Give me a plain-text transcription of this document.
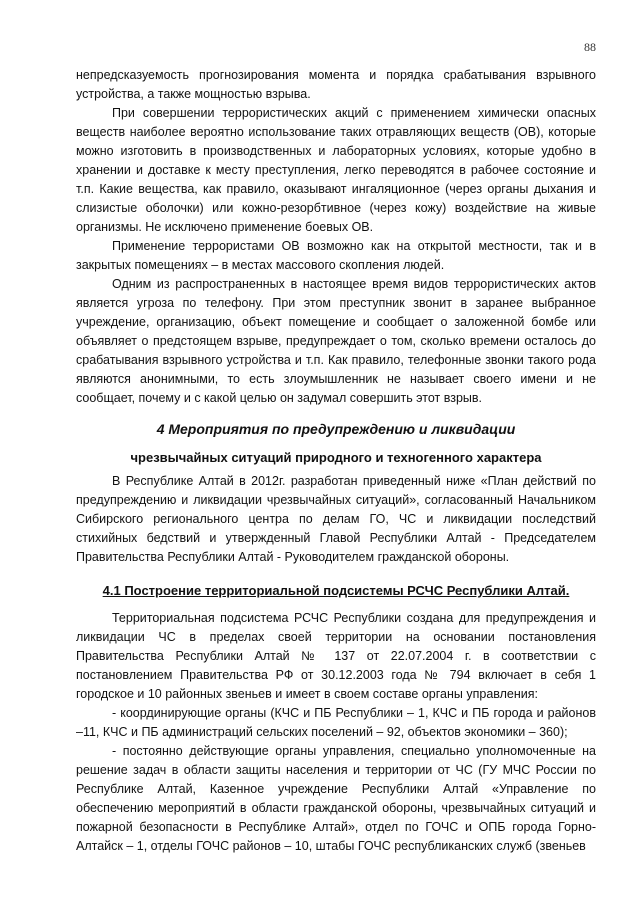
88

непредсказуемость прогнозирования момента и порядка срабатывания взрывного устройства, а также мощностью взрыва.

При совершении террористических акций с применением химически опасных веществ наиболее вероятно использование таких отравляющих веществ (ОВ), которые можно изготовить в производственных и лабораторных условиях, которые удобно в хранении и доставке к месту преступления, легко переводятся в рабочее состояние и т.п. Какие вещества, как правило, оказывают ингаляционное (через органы дыхания и слизистые оболочки) или кожно-резорбтивное (через кожу) воздействие на живые организмы. Не исключено применение боевых ОВ.

Применение террористами ОВ возможно как на открытой местности, так и в закрытых помещениях – в местах массового скопления людей.

Одним из распространенных в настоящее время видов террористических актов является угроза по телефону. При этом преступник звонит в заранее выбранное учреждение, организацию, объект помещение и сообщает о заложенной бомбе или объявляет о предстоящем взрыве, предупреждает о том, сколько времени осталось до срабатывания взрывного устройства и т.п. Как правило, телефонные звонки такого рода являются анонимными, то есть злоумышленник не называет своего имени и не сообщает, почему и с какой целью он задумал совершить этот взрыв.

4 Мероприятия по предупреждению и ликвидации
чрезвычайных ситуаций природного и техногенного характера

В Республике Алтай в 2012г. разработан приведенный ниже «План действий по предупреждению и ликвидации чрезвычайных ситуаций», согласованный Начальником Сибирского регионального центра по делам ГО, ЧС и ликвидации последствий стихийных бедствий и утвержденный Главой Республики Алтай - Председателем Правительства Республики Алтай - Руководителем гражданской обороны.

4.1 Построение территориальной подсистемы РСЧС Республики Алтай.

Территориальная подсистема РСЧС Республики создана для предупреждения и ликвидации ЧС в пределах своей территории на основании постановления Правительства Республики Алтай № 137 от 22.07.2004 г. в соответствии с постановлением Правительства РФ от 30.12.2003 года № 794 включает в себя 1 городское и 10 районных звеньев и имеет в своем составе органы управления:

- координирующие органы (КЧС и ПБ Республики – 1, КЧС и ПБ города и районов –11, КЧС и ПБ администраций сельских поселений – 92, объектов экономики – 360);

- постоянно действующие органы управления, специально уполномоченные на решение задач в области защиты населения и территории от ЧС (ГУ МЧС России по Республике Алтай, Казенное учреждение Республики Алтай «Управление по обеспечению мероприятий в области гражданской обороны, чрезвычайных ситуаций и пожарной безопасности в Республике Алтай», отдел по ГОЧС и ОПБ города Горно-Алтайск – 1, отделы ГОЧС районов – 10, штабы ГОЧС республиканских служб (звеньев
